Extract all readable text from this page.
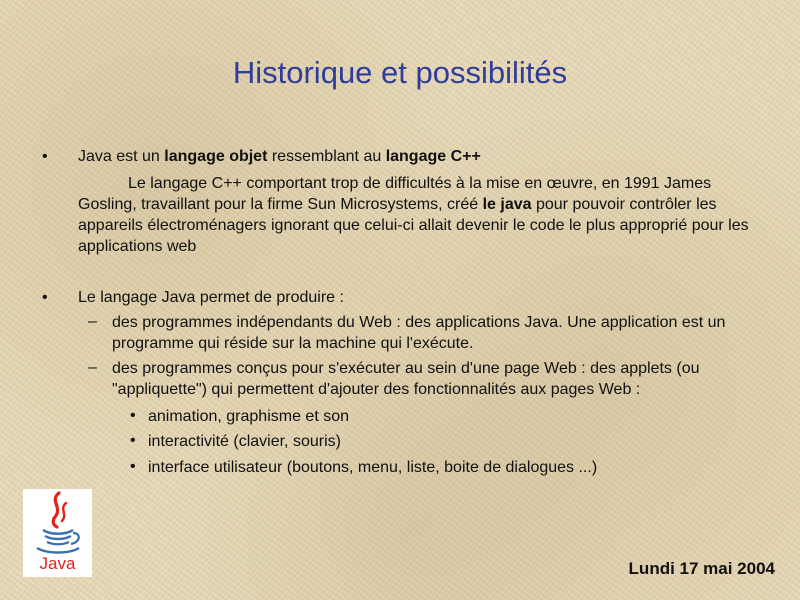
Historique et possibilités
• Java est un langage objet ressemblant au langage C++
Le langage C++ comportant trop de difficultés à la mise en œuvre, en 1991 James Gosling, travaillant pour la firme Sun Microsystems, créé le java pour pouvoir contrôler les appareils électroménagers ignorant que celui-ci allait devenir le code le plus approprié pour les applications web
• Le langage Java permet de produire :
– des programmes indépendants du Web : des applications Java. Une application est un programme qui réside sur la machine qui l'exécute.
– des programmes conçus pour s'exécuter au sein d'une page Web : des applets (ou "appliquette") qui permettent d'ajouter des fonctionnalités aux pages Web :
• animation, graphisme et son
• interactivité (clavier, souris)
• interface utilisateur (boutons, menu, liste, boite de dialogues ...)
Java	Lundi 17 mai 2004
